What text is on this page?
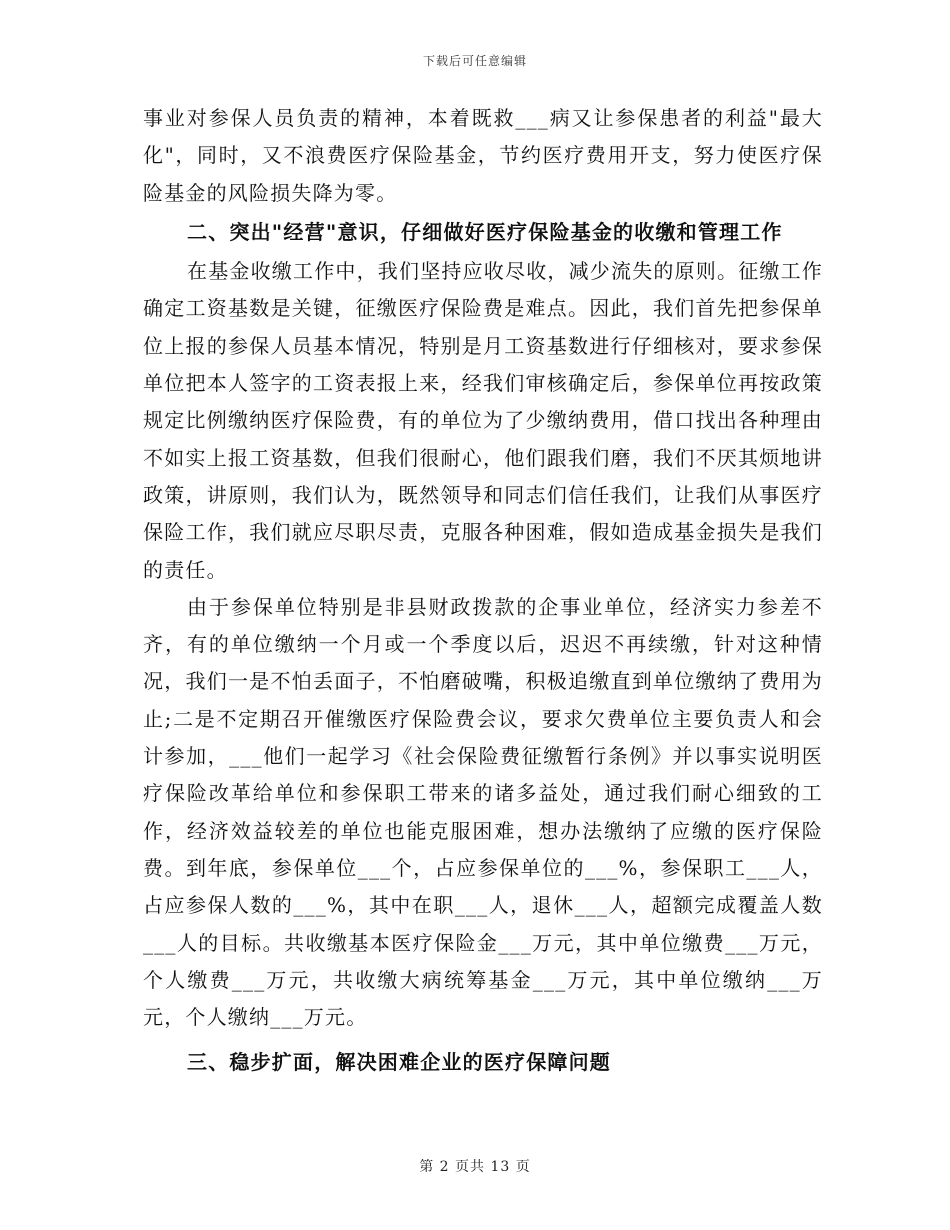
下载后可任意编辑

事业对参保人员负责的精神，本着既救___病又让参保患者的利益"最大化"，同时，又不浪费医疗保险基金，节约医疗费用开支，努力使医疗保险基金的风险损失降为零。

二、突出"经营"意识，仔细做好医疗保险基金的收缴和管理工作

在基金收缴工作中，我们坚持应收尽收，减少流失的原则。征缴工作确定工资基数是关键，征缴医疗保险费是难点。因此，我们首先把参保单位上报的参保人员基本情况，特别是月工资基数进行仔细核对，要求参保单位把本人签字的工资表报上来，经我们审核确定后，参保单位再按政策规定比例缴纳医疗保险费，有的单位为了少缴纳费用，借口找出各种理由不如实上报工资基数，但我们很耐心，他们跟我们磨，我们不厌其烦地讲政策，讲原则，我们认为，既然领导和同志们信任我们，让我们从事医疗保险工作，我们就应尽职尽责，克服各种困难，假如造成基金损失是我们的责任。

由于参保单位特别是非县财政拨款的企事业单位，经济实力参差不齐，有的单位缴纳一个月或一个季度以后，迟迟不再续缴，针对这种情况，我们一是不怕丢面子，不怕磨破嘴，积极追缴直到单位缴纳了费用为止;二是不定期召开催缴医疗保险费会议，要求欠费单位主要负责人和会计参加，___他们一起学习《社会保险费征缴暂行条例》并以事实说明医疗保险改革给单位和参保职工带来的诸多益处，通过我们耐心细致的工作，经济效益较差的单位也能克服困难，想办法缴纳了应缴的医疗保险费。到年底，参保单位___个，占应参保单位的___%，参保职工___人，占应参保人数的___%，其中在职___人，退休___人，超额完成覆盖人数___人的目标。共收缴基本医疗保险金___万元，其中单位缴费___万元，个人缴费___万元，共收缴大病统筹基金___万元，其中单位缴纳___万元，个人缴纳___万元。

三、稳步扩面，解决困难企业的医疗保障问题

第 2 页共 13 页
